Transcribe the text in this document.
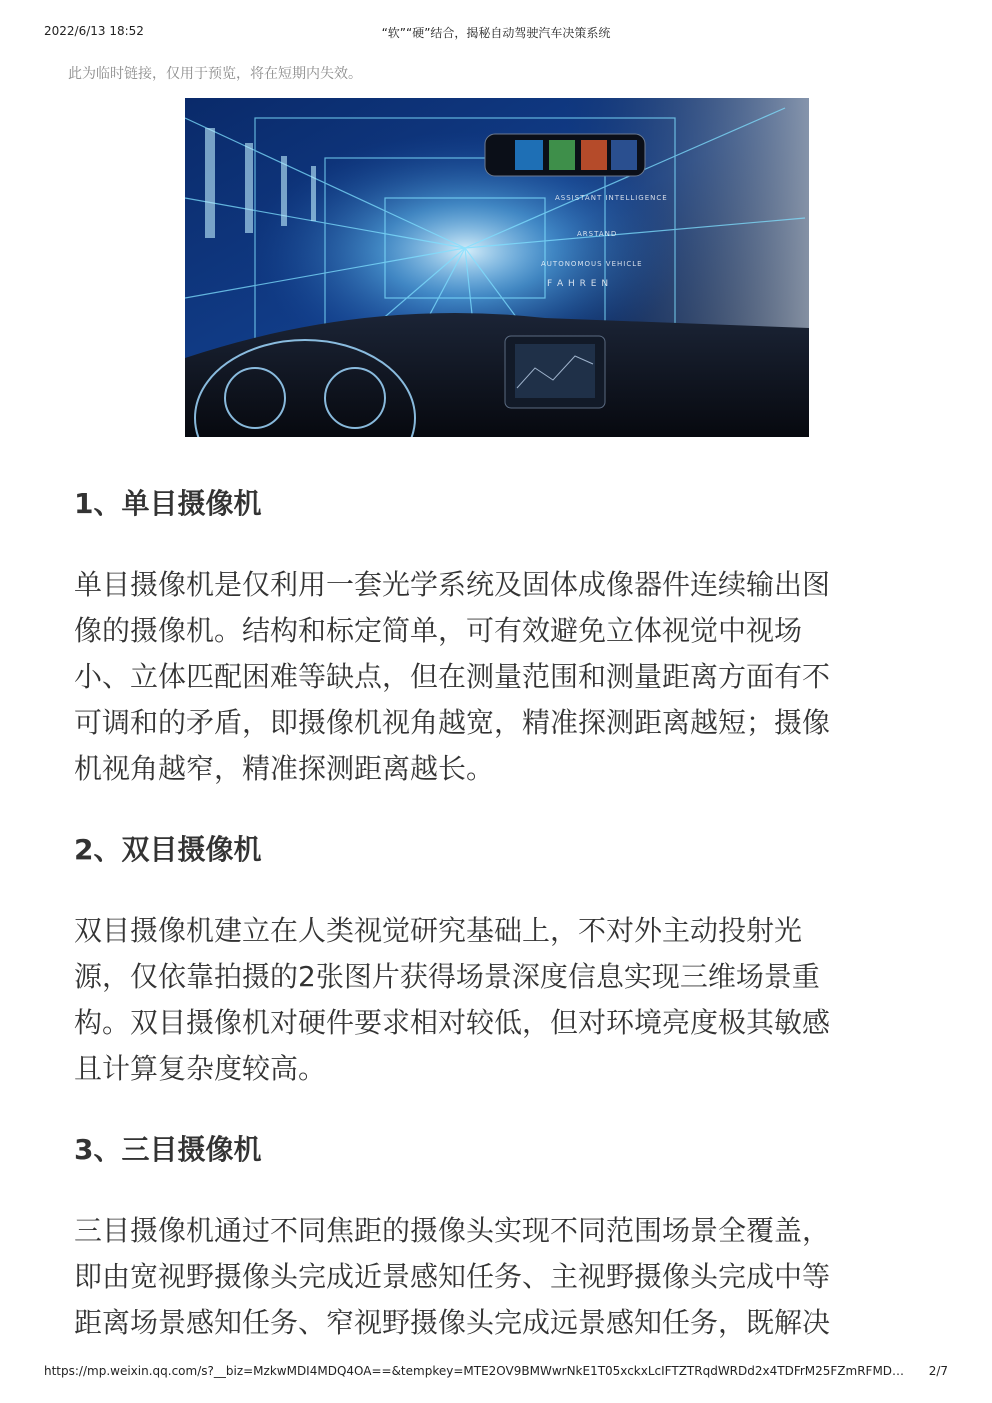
2022/6/13 18:52	“软”“硬”结合，揭秘自动驾驶汽车决策系统
此为临时链接，仅用于预览，将在短期内失效。
ASSISTANT INTELLIGENCE
ARSTAND
AUTONOMOUS VEHICLE
F A H R E N
1、单目摄像机

单目摄像机是仅利用一套光学系统及固体成像器件连续输出图
像的摄像机。结构和标定简单，可有效避免立体视觉中视场
小、立体匹配困难等缺点，但在测量范围和测量距离方面有不
可调和的矛盾，即摄像机视角越宽，精准探测距离越短；摄像
机视角越窄，精准探测距离越长。

2、双目摄像机

双目摄像机建立在人类视觉研究基础上，不对外主动投射光
源，仅依靠拍摄的2张图片获得场景深度信息实现三维场景重
构。双目摄像机对硬件要求相对较低，但对环境亮度极其敏感
且计算复杂度较高。

3、三目摄像机

三目摄像机通过不同焦距的摄像头实现不同范围场景全覆盖，
即由宽视野摄像头完成近景感知任务、主视野摄像头完成中等
距离场景感知任务、窄视野摄像头完成远景感知任务，既解决

https://mp.weixin.qq.com/s?__biz=MzkwMDI4MDQ4OA==&tempkey=MTE2OV9BMWwrNkE1T05xckxLcIFTZTRqdWRDd2x4TDFrM25FZmRFMD… 2/7
